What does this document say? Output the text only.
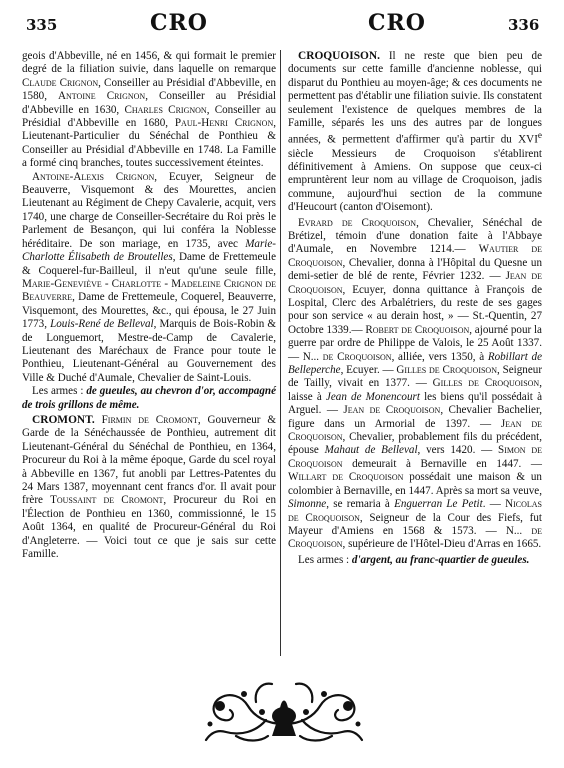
335	CRO	CRO	336

geois d'Abbeville, né en 1456, & qui formait le premier degré de la filiation suivie, dans laquelle on remarque Claude Crignon, Conseiller au Présidial d'Abbeville, en 1580, Antoine Crignon, Conseiller au Présidial d'Abbeville en 1630, Charles Crignon, Conseiller au Présidial d'Abbeville en 1680, Paul-Henri Crignon, Lieutenant-Particulier du Sénéchal de Ponthieu & Conseiller au Présidial d'Abbeville en 1748. La Famille a formé cinq branches, toutes successivement éteintes.

Antoine-Alexis Crignon, Ecuyer, Seigneur de Beauverre, Visquemont & des Mourettes, ancien Lieutenant au Régiment de Chepy Cavalerie, acquit, vers 1740, une charge de Conseiller-Secrétaire du Roi près le Parlement de Besançon, qui lui conféra la Noblesse héréditaire. De son mariage, en 1735, avec Marie-Charlotte Élisabeth de Broutelles, Dame de Frettemeule & Coquerel-fur-Bailleul, il n'eut qu'une seule fille, Marie-Geneviève - Charlotte - Madeleine Crignon de Beauverre, Dame de Frettemeule, Coquerel, Beauverre, Visquemont, des Mourettes, &c., qui épousa, le 27 Juin 1773, Louis-René de Belleval, Marquis de Bois-Robin & de Longuemort, Mestre-de-Camp de Cavalerie, Lieutenant des Maréchaux de France pour toute le Ponthieu, Lieutenant-Général au Gouvernement des Ville & Duché d'Aumale, Chevalier de Saint-Louis.

Les armes : de gueules, au chevron d'or, accompagné de trois grillons de même.

CROMONT. Firmin de Cromont, Gouverneur & Garde de la Sénéchaussée de Ponthieu, autrement dit Lieutenant-Général du Sénéchal de Ponthieu, en 1364, Procureur du Roi à la même époque, Garde du scel royal à Abbeville en 1367, fut anobli par Lettres-Patentes du 24 Mars 1387, moyennant cent francs d'or. Il avait pour frère Toussaint de Cromont, Procureur du Roi en l'Élection de Ponthieu en 1360, commissionné, le 15 Août 1364, en qualité de Procureur-Général du Roi d'Angleterre. — Voici tout ce que je sais sur cette Famille.

CROQUOISON. Il ne reste que bien peu de documents sur cette famille d'ancienne noblesse, qui disparut du Ponthieu au moyen-âge; & ces documents ne permettent pas d'établir une filiation suivie. Ils constatent seulement l'existence de quelques membres de la Famille, séparés les uns des autres par de longues années, & permettent d'affirmer qu'à partir du XVIe siècle Messieurs de Croquoison s'établirent définitivement à Amiens. On suppose que ceux-ci empruntèrent leur nom au village de Croquoison, jadis commune, aujourd'hui section de la commune d'Heucourt (canton d'Oisemont).

Evrard de Croquoison, Chevalier, Sénéchal de Brétizel, témoin d'une donation faite à l'Abbaye d'Aumale, en Novembre 1214.— Wautier de Croquoison, Chevalier, donna à l'Hôpital du Quesne un demi-setier de blé de rente, Février 1232. — Jean de Croquoison, Ecuyer, donna quittance à François de Lospital, Clerc des Arbalétriers, du reste de ses gages pour son service « au derain host, » — St.-Quentin, 27 Octobre 1339.— Robert de Croquoison, ajourné pour la guerre par ordre de Philippe de Valois, le 25 Août 1337. — N... de Croquoison, alliée, vers 1350, à Robillart de Belleperche, Ecuyer. — Gilles de Croquoison, Seigneur de Tailly, vivait en 1377. — Gilles de Croquoison, laisse à Jean de Monencourt les biens qu'il possédait à Arguel. — Jean de Croquoison, Chevalier Bachelier, figure dans un Armorial de 1397. — Jean de Croquoison, Chevalier, probablement fils du précédent, épouse Mahaut de Belleval, vers 1420. — Simon de Croquoison demeurait à Bernaville en 1447. — Willart de Croquoison possédait une maison & un colombier à Bernaville, en 1447. Après sa mort sa veuve, Simonne, se remaria à Enguerran Le Petit. — Nicolas de Croquoison, Seigneur de la Cour des Fiefs, fut Mayeur d'Amiens en 1568 & 1573. — N... de Croquoison, supérieure de l'Hôtel-Dieu d'Arras en 1665.

Les armes : d'argent, au franc-quartier de gueules.
